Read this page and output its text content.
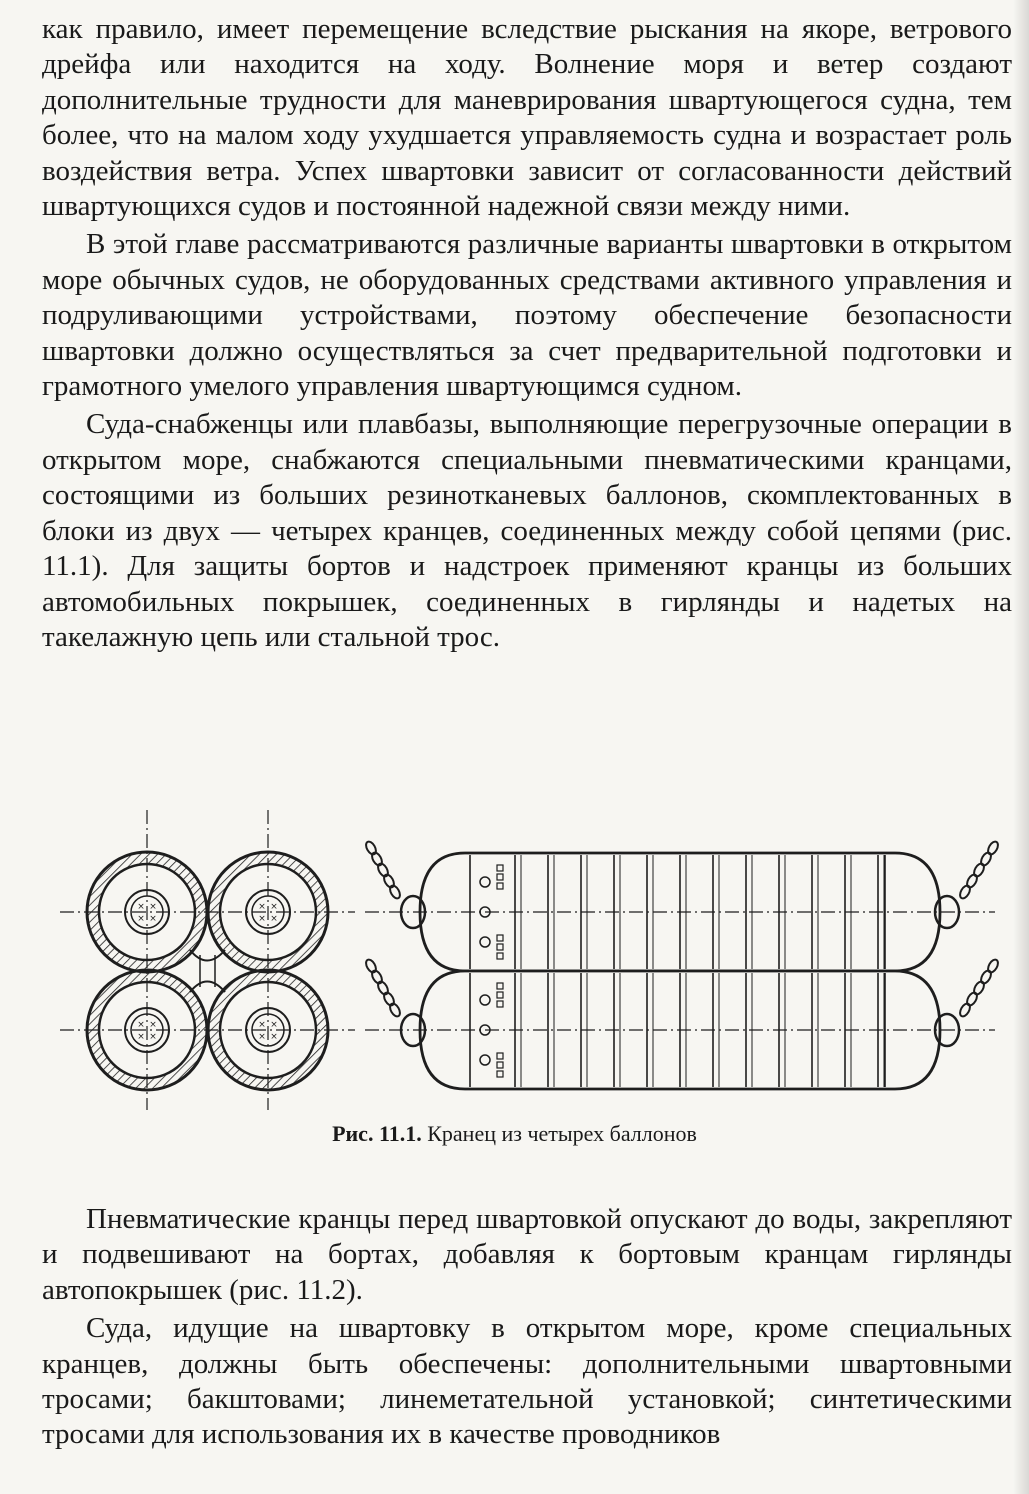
как правило, имеет перемещение вследствие рыскания на якоре, ветрового дрейфа или находится на ходу. Волнение моря и ветер создают дополнительные трудности для маневрирования швартующегося судна, тем более, что на малом ходу ухудшается управляемость судна и возрастает роль воздействия ветра. Успех швартовки зависит от согласованности действий швартующихся судов и постоянной надежной связи между ними.

В этой главе рассматриваются различные варианты швартовки в открытом море обычных судов, не оборудованных средствами активного управления и подруливающими устройствами, поэтому обеспечение безопасности швартовки должно осуществляться за счет предварительной подготовки и грамотного умелого управления швартующимся судном.

Суда-снабженцы или плавбазы, выполняющие перегрузочные операции в открытом море, снабжаются специальными пневматическими кранцами, состоящими из больших резинотканевых баллонов, скомплектованных в блоки из двух — четырех кранцев, соединенных между собой цепями (рис. 11.1). Для защиты бортов и надстроек применяют кранцы из больших автомобильных покрышек, соединенных в гирлянды и надетых на такелажную цепь или стальной трос.

× ×
× ×
× ×
× ×
× ×
× ×
× ×
× ×
Рис. 11.1. Кранец из четырех баллонов

Пневматические кранцы перед швартовкой опускают до воды, закрепляют и подвешивают на бортах, добавляя к бортовым кранцам гирлянды автопокрышек (рис. 11.2).

Суда, идущие на швартовку в открытом море, кроме специальных кранцев, должны быть обеспечены: дополнительными швартовными тросами; бакштовами; линеметательной установкой; синтетическими тросами для использования их в качестве проводников
